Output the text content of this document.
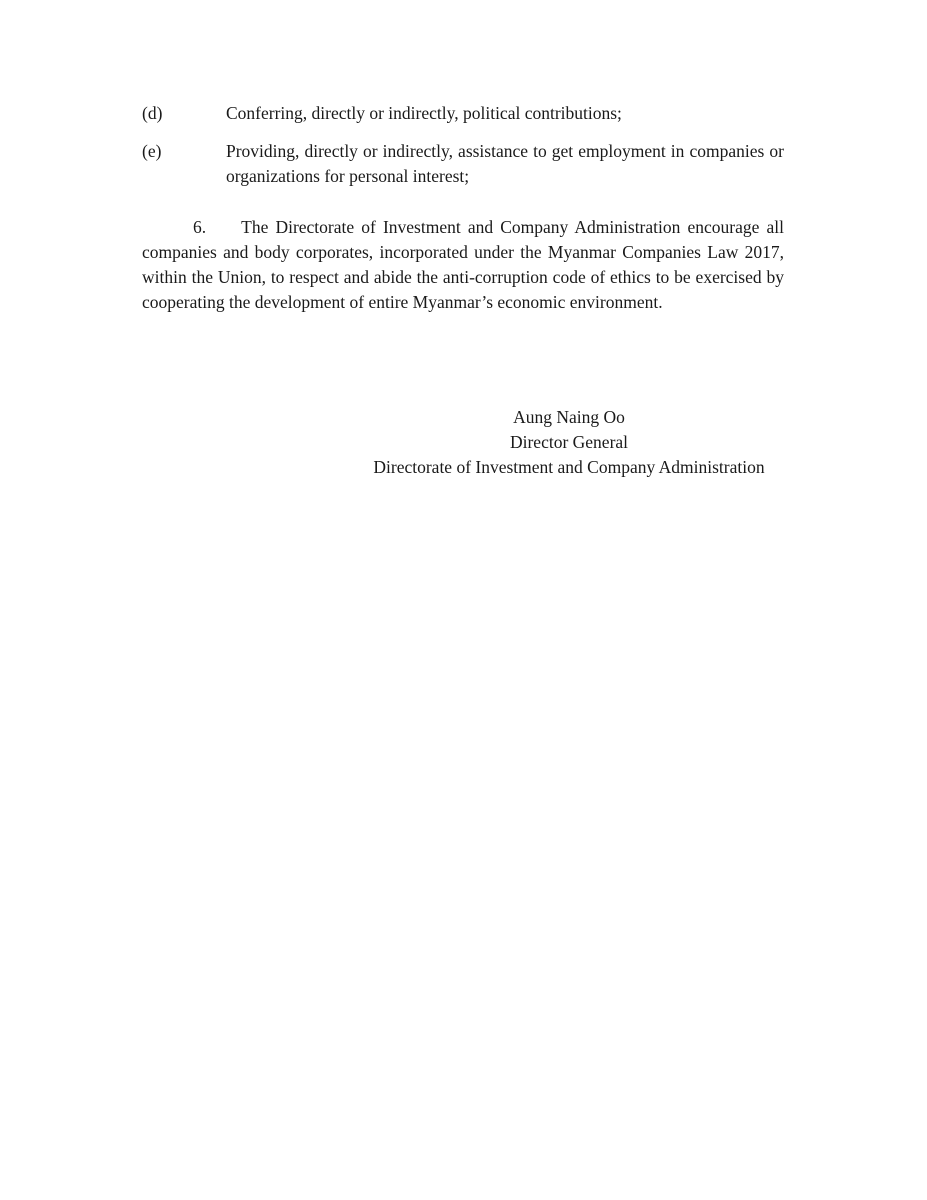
(d)	Conferring, directly or indirectly, political contributions;
(e)	Providing, directly or indirectly, assistance to get employment in companies or organizations for personal interest;
6.   The Directorate of Investment and Company Administration encourage all companies and body corporates, incorporated under the Myanmar Companies Law 2017, within the Union, to respect and abide the anti-corruption code of ethics to be exercised by cooperating the development of entire Myanmar’s economic environment.
Aung Naing Oo
Director General
Directorate of Investment and Company Administration
